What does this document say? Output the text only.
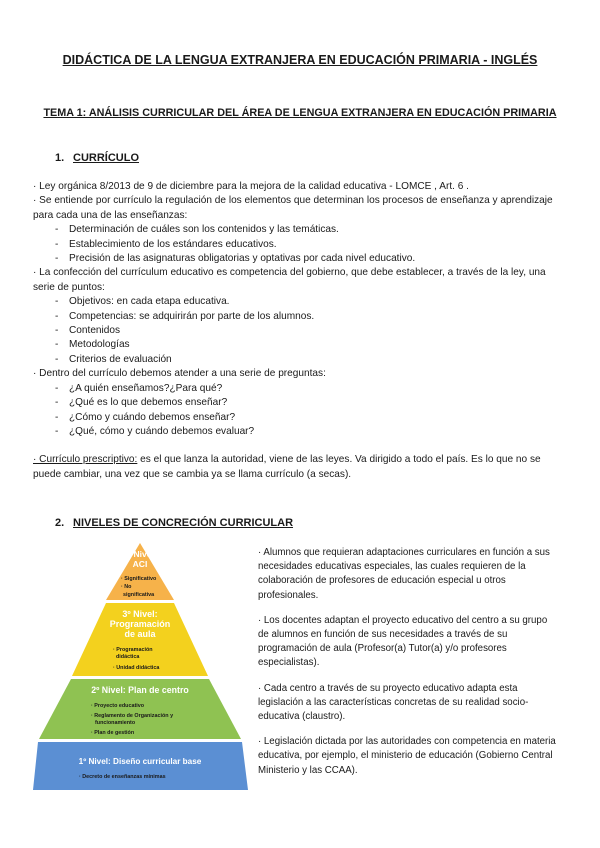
DIDÁCTICA DE LA LENGUA EXTRANJERA EN EDUCACIÓN PRIMARIA - INGLÉS
TEMA 1: ANÁLISIS CURRICULAR DEL ÁREA DE LENGUA EXTRANJERA EN EDUCACIÓN PRIMARIA
1. CURRÍCULO

· Ley orgánica 8/2013 de 9 de diciembre para la mejora de la calidad educativa - LOMCE , Art. 6 .

· Se entiende por currículo la regulación de los elementos que determinan los procesos de enseñanza y aprendizaje para cada una de las enseñanzas:

- Determinación de cuáles son los contenidos y las temáticas.

- Establecimiento de los estándares educativos.

- Precisión de las asignaturas obligatorias y optativas por cada nivel educativo.

· La confección del currículum educativo es competencia del gobierno, que debe establecer, a través de la ley, una serie de puntos:

- Objetivos: en cada etapa educativa.

- Competencias: se adquirirán por parte de los alumnos.

- Contenidos

- Metodologías

- Criterios de evaluación

· Dentro del currículo debemos atender a una serie de preguntas:

- ¿A quién enseñamos?¿Para qué?

- ¿Qué es lo que debemos enseñar?

- ¿Cómo y cuándo debemos enseñar?

- ¿Qué, cómo y cuándo debemos evaluar?

· Currículo prescriptivo: es el que lanza la autoridad, viene de las leyes. Va dirigido a todo el país. Es lo que no se puede cambiar, una vez que se cambia ya se llama currículo (a secas).

2. NIVELES DE CONCRECIÓN CURRICULAR
4º Nivel:
ACI
· Significativo
· No
significativa
3º Nivel:
Programación
de aula
· Programación
didáctica
· Unidad didáctica
2º Nivel: Plan de centro
· Proyecto educativo
· Reglamento de Organización y
funcionamiento
· Plan de gestión
1º Nivel: Diseño curricular base
· Decreto de enseñanzas mínimas

· Alumnos que requieran adaptaciones curriculares en función a sus necesidades educativas especiales, las cuales requieren de la colaboración de profesores de educación especial u otros profesionales.

· Los docentes adaptan el proyecto educativo del centro a su grupo de alumnos en función de sus necesidades a través de su programación de aula (Profesor(a) Tutor(a) y/o profesores especialistas).

· Cada centro a través de su proyecto educativo adapta esta legislación a las características concretas de su realidad socio-educativa (claustro).

· Legislación dictada por las autoridades con competencia en materia educativa, por ejemplo, el ministerio de educación (Gobierno Central Ministerio y las CCAA).
